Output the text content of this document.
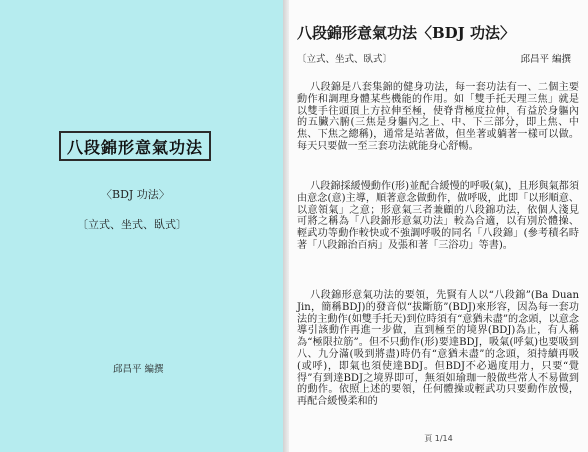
八段錦形意氣功法
〈BDJ 功法〉
〔立式、坐式、臥式〕
邱昌平 編撰
八段錦形意氣功法〈BDJ 功法〉
〔立式、坐式、臥式〕	邱昌平 編撰

八段錦是八套集錦的健身功法，每一套功法有一、二個主要動作和調理身體某些機能的作用。如「雙手托天理三焦」就是以雙手往頭頂上方拉伸至極，使脊背極度拉伸，有益於身軀內的五臟六腑(三焦是身軀內之上、中、下三部分，即上焦、中焦、下焦之總稱)，通常是站著做，但坐著或躺著一樣可以做。每天只要做一至三套功法就能身心舒暢。

八段錦採緩慢動作(形)並配合緩慢的呼吸(氣)，且形與氣都須由意念(意)主導，順著意念做動作，做呼吸，此即「以形順意、以意領氣」之意；形意氣三者兼顧的八段錦功法，依個人淺見可將之稱為「八段錦形意氣功法」較為合適，以有別於體操、輕武功等動作較快或不強調呼吸的同名「八段錦」(參考積名時著「八段錦治百病」及張和著「三浴功」等書)。

八段錦形意氣功法的要領，先賢有人以“八段錦”(Ba Duan Jin，簡稱BDJ)的發音似“拔斷筋”(BDJ)來形容，因為每一套功法的主動作(如雙手托天)到位時須有“意猶未盡”的念頭，以意念導引該動作再進一步做，直到極至的境界(BDJ)為止，有人稱為“極限拉筋”。但不只動作(形)要達BDJ，吸氣(呼氣)也要吸到八、九分滿(吸到將盡)時仍有“意猶未盡”的念頭，須持續再吸(或呼)，即氣也須使達BDJ。但BDJ不必過度用力，只要“覺得”有到達BDJ之境界即可，無須如瑜珈一般做些常人不易做到的動作。依照上述的要領，任何體操或輕武功只要動作放慢，再配合緩慢柔和的

頁 1/14
